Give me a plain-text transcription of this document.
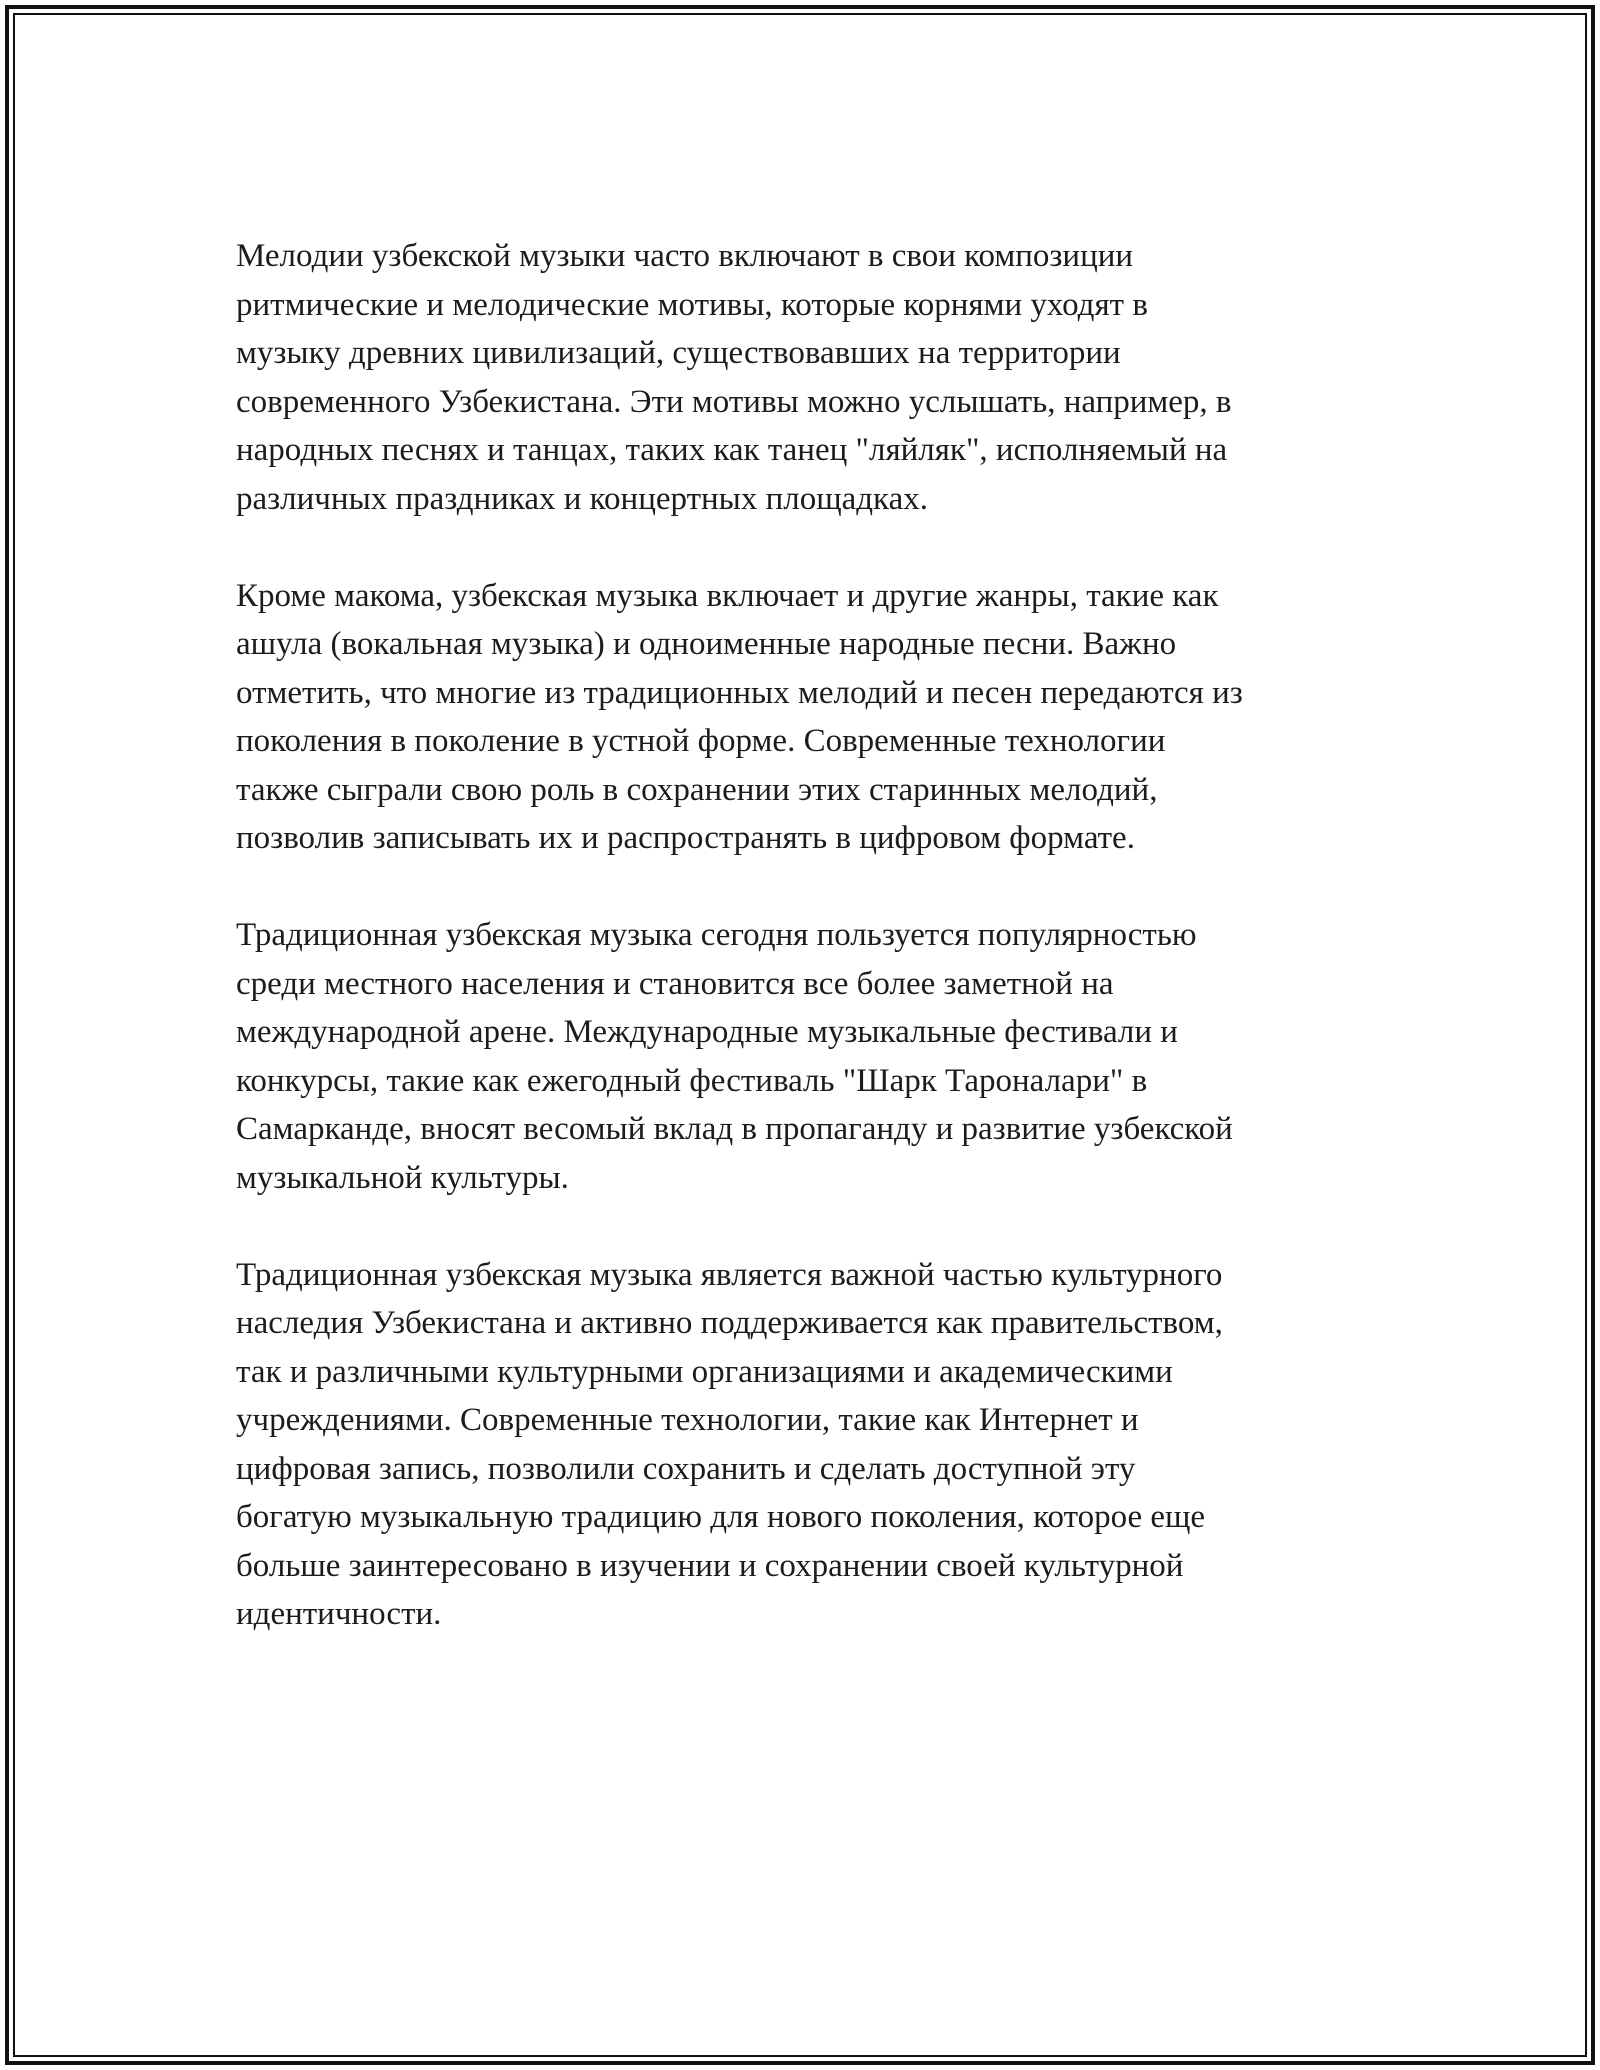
Мелодии узбекской музыки часто включают в свои композиции
ритмические и мелодические мотивы, которые корнями уходят в
музыку древних цивилизаций, существовавших на территории
современного Узбекистана. Эти мотивы можно услышать, например, в
народных песнях и танцах, таких как танец "ляйляк", исполняемый на
различных праздниках и концертных площадках.

Кроме макома, узбекская музыка включает и другие жанры, такие как
ашула (вокальная музыка) и одноименные народные песни. Важно
отметить, что многие из традиционных мелодий и песен передаются из
поколения в поколение в устной форме. Современные технологии
также сыграли свою роль в сохранении этих старинных мелодий,
позволив записывать их и распространять в цифровом формате.

Традиционная узбекская музыка сегодня пользуется популярностью
среди местного населения и становится все более заметной на
международной арене. Международные музыкальные фестивали и
конкурсы, такие как ежегодный фестиваль "Шарк Тароналари" в
Самарканде, вносят весомый вклад в пропаганду и развитие узбекской
музыкальной культуры.

Традиционная узбекская музыка является важной частью культурного
наследия Узбекистана и активно поддерживается как правительством,
так и различными культурными организациями и академическими
учреждениями. Современные технологии, такие как Интернет и
цифровая запись, позволили сохранить и сделать доступной эту
богатую музыкальную традицию для нового поколения, которое еще
больше заинтересовано в изучении и сохранении своей культурной
идентичности.
